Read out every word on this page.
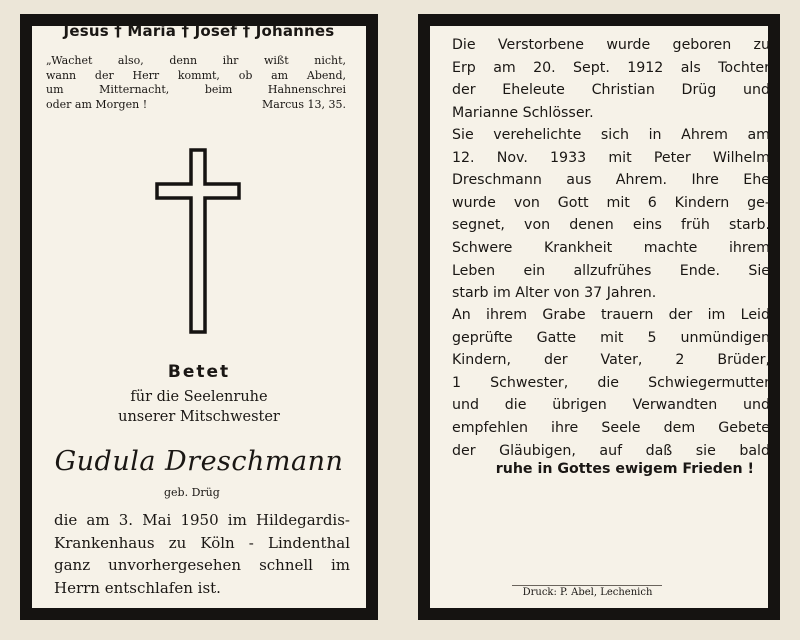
Jesus † Maria † Josef † Johannes
„Wachet also, denn ihr wißt nicht,
wann der Herr kommt, ob am Abend,
um Mitternacht, beim Hahnenschrei
oder am Morgen !	Marcus 13, 35.
Betet
für die Seelenruhe
unserer Mitschwester
Gudula Dreschmann
geb. Drüg
die am 3. Mai 1950 im Hildegardis-
Krankenhaus zu Köln - Lindenthal
ganz unvorhergesehen schnell im
Herrn entschlafen ist.
Die Verstorbene wurde geboren zu
Erp am 20. Sept. 1912 als Tochter
der Eheleute Christian Drüg und
Marianne Schlösser.
Sie verehelichte sich in Ahrem am
12. Nov. 1933 mit Peter Wilhelm
Dreschmann aus Ahrem. Ihre Ehe
wurde von Gott mit 6 Kindern ge-
segnet, von denen eins früh starb.
Schwere Krankheit machte ihrem
Leben ein allzufrühes Ende. Sie
starb im Alter von 37 Jahren.
An ihrem Grabe trauern der im Leid
geprüfte Gatte mit 5 unmündigen
Kindern, der Vater, 2 Brüder,
1 Schwester, die Schwiegermutter
und die übrigen Verwandten und
empfehlen ihre Seele dem Gebete
der Gläubigen, auf daß sie bald
ruhe in Gottes ewigem Frieden !
Druck: P. Abel, Lechenich
